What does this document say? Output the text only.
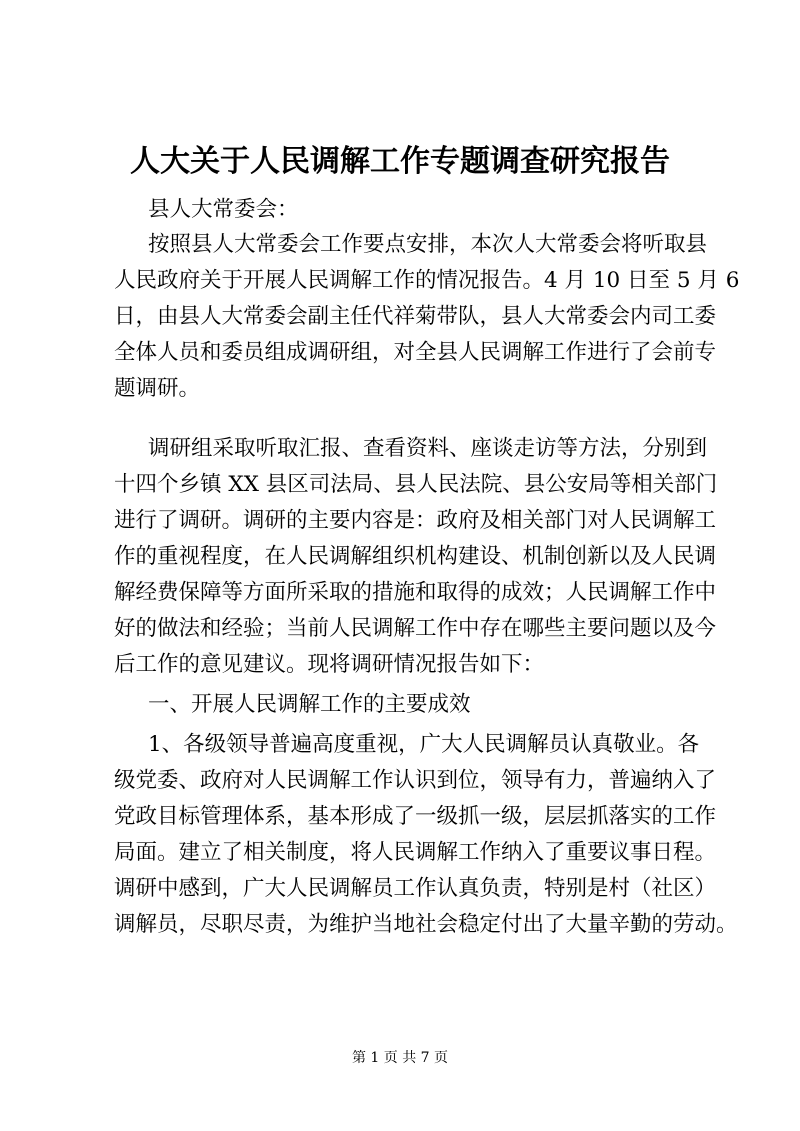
人大关于人民调解工作专题调查研究报告
县人大常委会：
按照县人大常委会工作要点安排，本次人大常委会将听取县
人民政府关于开展人民调解工作的情况报告。4 月 10 日至 5 月 6
日，由县人大常委会副主任代祥菊带队，县人大常委会内司工委
全体人员和委员组成调研组，对全县人民调解工作进行了会前专
题调研。
调研组采取听取汇报、查看资料、座谈走访等方法，分别到
十四个乡镇 XX 县区司法局、县人民法院、县公安局等相关部门
进行了调研。调研的主要内容是：政府及相关部门对人民调解工
作的重视程度，在人民调解组织机构建设、机制创新以及人民调
解经费保障等方面所采取的措施和取得的成效；人民调解工作中
好的做法和经验；当前人民调解工作中存在哪些主要问题以及今
后工作的意见建议。现将调研情况报告如下：
一、开展人民调解工作的主要成效
1、各级领导普遍高度重视，广大人民调解员认真敬业。各
级党委、政府对人民调解工作认识到位，领导有力，普遍纳入了
党政目标管理体系，基本形成了一级抓一级，层层抓落实的工作
局面。建立了相关制度，将人民调解工作纳入了重要议事日程。
调研中感到，广大人民调解员工作认真负责，特别是村（社区）
调解员，尽职尽责，为维护当地社会稳定付出了大量辛勤的劳动。
第 1 页 共 7 页
